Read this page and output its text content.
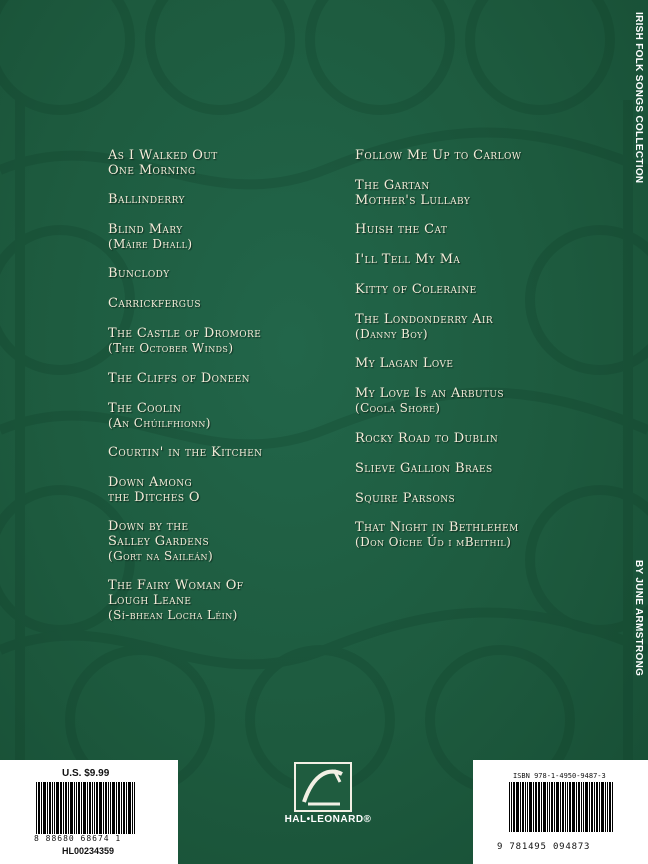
As I Walked Out
One Morning
Ballinderry
Blind Mary
(Máire Dhall)
Bunclody
Carrickfergus
The Castle of Dromore
(The October Winds)
The Cliffs of Doneen
The Coolin
(An Chúilfhionn)
Courtin' in the Kitchen
Down Among
the Ditches O
Down by the
Salley Gardens
(Gort na Saileán)
The Fairy Woman Of
Lough Leane
(Sí-bhean Locha Léin)
Follow Me Up to Carlow
The Gartan
Mother's Lullaby
Huish the Cat
I'll Tell My Ma
Kitty of Coleraine
The Londonderry Air
(Danny Boy)
My Lagan Love
My Love Is an Arbutus
(Coola Shore)
Rocky Road to Dublin
Slieve Gallion Braes
Squire Parsons
That Night in Bethlehem
(Don Oíche Úd i mBeithil)
IRISH FOLK SONGS COLLECTION
BY JUNE ARMSTRONG
U.S. $9.99
8 88680 68674 1
HL00234359
HAL•LEONARD®
ISBN 978-1-4950-9487-3
9 781495 094873
